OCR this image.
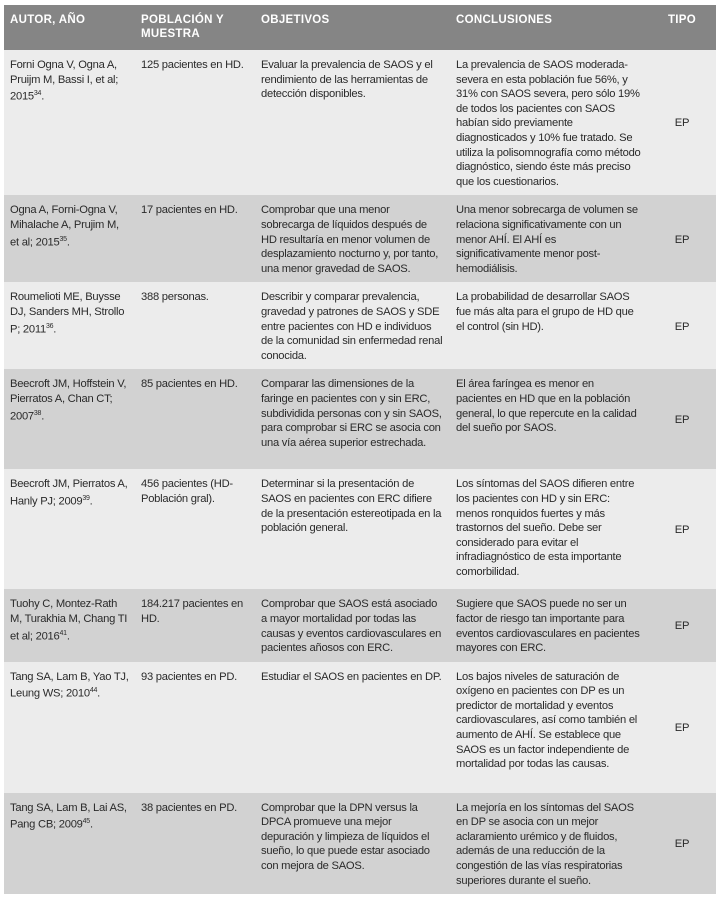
AUTOR, AÑO	POBLACIÓN Y MUESTRA	OBJETIVOS	CONCLUSIONES	TIPO
Forni Ogna V, Ogna A, Pruijm M, Bassi I, et al; 2015$^{34}$.	125 pacientes en HD.	Evaluar la prevalencia de SAOS y el rendimiento de las herramientas de detección disponibles.	La prevalencia de SAOS moderada-severa en esta población fue 56%, y 31% con SAOS severa, pero sólo 19% de todos los pacientes con SAOS habían sido previamente diagnosticados y 10% fue tratado. Se utiliza la polisomnografía como método diagnóstico, siendo éste más preciso que los cuestionarios.	EP
Ogna A, Forni-Ogna V, Mihalache A, Prujim M, et al; 2015$^{35}$.	17 pacientes en HD.	Comprobar que una menor sobrecarga de líquidos después de HD resultaría en menor volumen de desplazamiento nocturno y, por tanto, una menor gravedad de SAOS.	Una menor sobrecarga de volumen se relaciona significativamente con un menor AHÍ. El AHÍ es significativamente menor post-hemodiálisis.	EP
Roumelioti ME, Buysse DJ, Sanders MH, Strollo P; 2011$^{36}$.	388 personas.	Describir y comparar prevalencia, gravedad y patrones de SAOS y SDE entre pacientes con HD e individuos de la comunidad sin enfermedad renal conocida.	La probabilidad de desarrollar SAOS fue más alta para el grupo de HD que el control (sin HD).	EP
Beecroft JM, Hoffstein V, Pierratos A, Chan CT; 2007$^{38}$.	85 pacientes en HD.	Comparar las dimensiones de la faringe en pacientes con y sin ERC, subdividida personas con y sin SAOS, para comprobar si ERC se asocia con una vía aérea superior estrechada.	El área faríngea es menor en pacientes en HD que en la población general, lo que repercute en la calidad del sueño por SAOS.	EP
Beecroft JM, Pierratos A, Hanly PJ; 2009$^{39}$.	456 pacientes (HD-Población gral).	Determinar si la presentación de SAOS en pacientes con ERC difiere de la presentación estereotipada en la población general.	Los síntomas del SAOS difieren entre los pacientes con HD y sin ERC: menos ronquidos fuertes y más trastornos del sueño. Debe ser considerado para evitar el infradiagnóstico de esta importante comorbilidad.	EP
Tuohy C, Montez-Rath M, Turakhia M, Chang TI et al; 2016$^{41}$.	184.217 pacientes en HD.	Comprobar que SAOS está asociado a mayor mortalidad por todas las causas y eventos cardiovasculares en pacientes añosos con ERC.	Sugiere que SAOS puede no ser un factor de riesgo tan importante para eventos cardiovasculares en pacientes mayores con ERC.	EP
Tang SA, Lam B, Yao TJ, Leung WS; 2010$^{44}$.	93 pacientes en PD.	Estudiar el SAOS en pacientes en DP.	Los bajos niveles de saturación de oxígeno en pacientes con DP es un predictor de mortalidad y eventos cardiovasculares, así como también el aumento de AHÍ. Se establece que SAOS es un factor independiente de mortalidad por todas las causas.	EP
Tang SA, Lam B, Lai AS, Pang CB; 2009$^{45}$.	38 pacientes en PD.	Comprobar que la DPN versus la DPCA promueve una mejor depuración y limpieza de líquidos el sueño, lo que puede estar asociado con mejora de SAOS.	La mejoría en los síntomas del SAOS en DP se asocia con un mejor aclaramiento urémico y de fluidos, además de una reducción de la congestión de las vías respiratorias superiores durante el sueño.	EP
